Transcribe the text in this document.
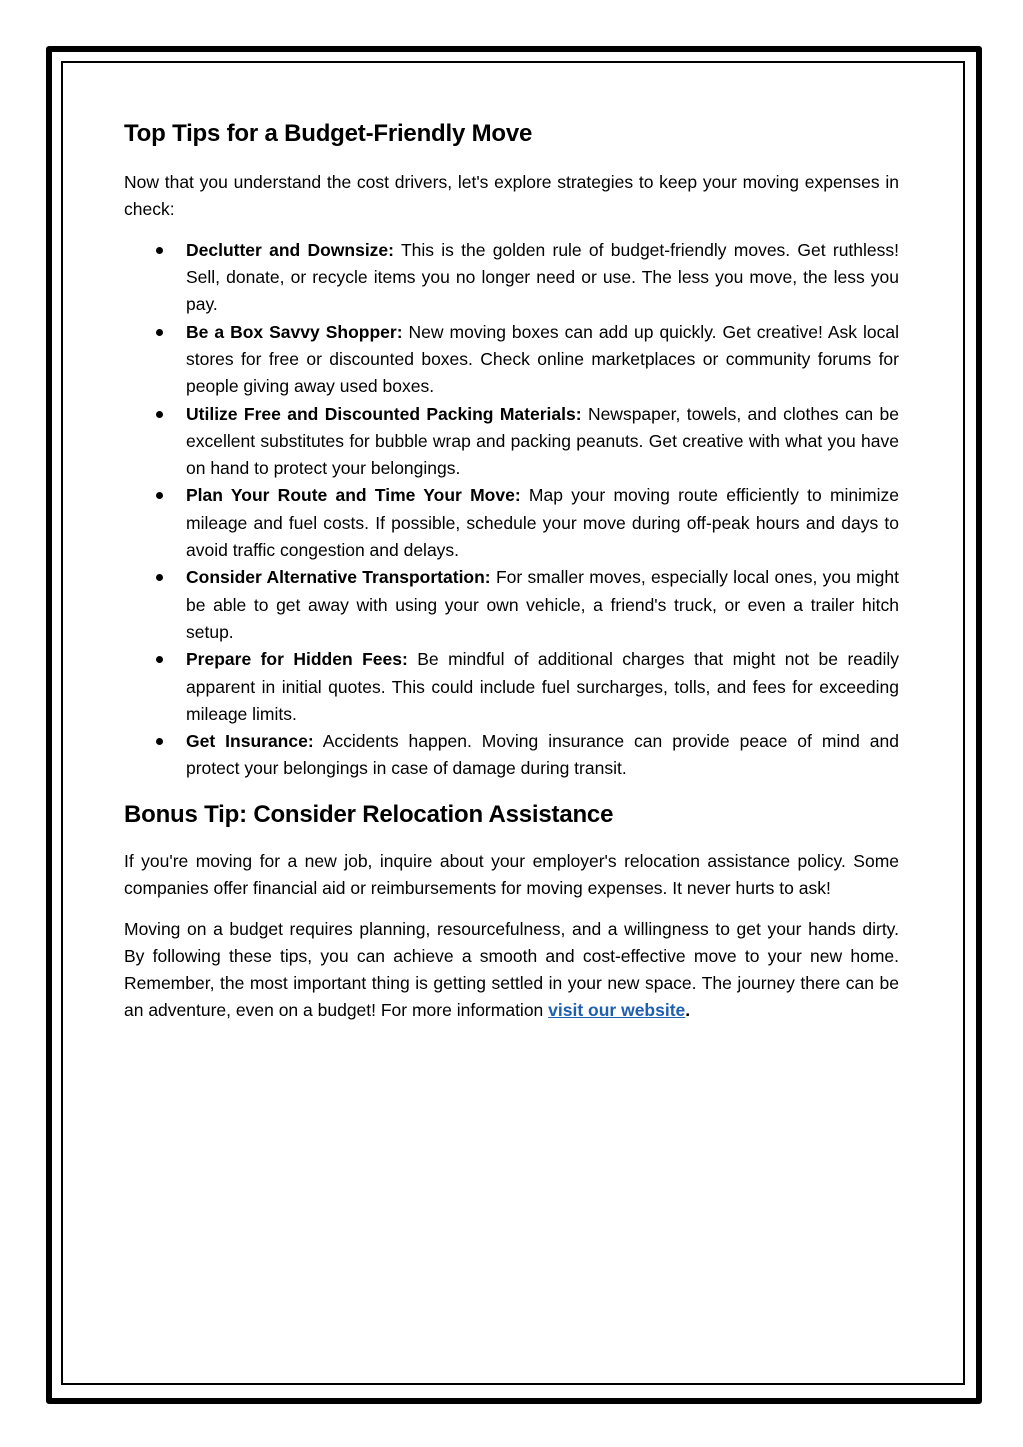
Top Tips for a Budget-Friendly Move

Now that you understand the cost drivers, let's explore strategies to keep your moving expenses in check:

Declutter and Downsize: This is the golden rule of budget-friendly moves. Get ruthless! Sell, donate, or recycle items you no longer need or use. The less you move, the less you pay.
Be a Box Savvy Shopper: New moving boxes can add up quickly. Get creative! Ask local stores for free or discounted boxes. Check online marketplaces or community forums for people giving away used boxes.
Utilize Free and Discounted Packing Materials: Newspaper, towels, and clothes can be excellent substitutes for bubble wrap and packing peanuts. Get creative with what you have on hand to protect your belongings.
Plan Your Route and Time Your Move: Map your moving route efficiently to minimize mileage and fuel costs. If possible, schedule your move during off-peak hours and days to avoid traffic congestion and delays.
Consider Alternative Transportation: For smaller moves, especially local ones, you might be able to get away with using your own vehicle, a friend's truck, or even a trailer hitch setup.
Prepare for Hidden Fees: Be mindful of additional charges that might not be readily apparent in initial quotes. This could include fuel surcharges, tolls, and fees for exceeding mileage limits.
Get Insurance: Accidents happen. Moving insurance can provide peace of mind and protect your belongings in case of damage during transit.
Bonus Tip: Consider Relocation Assistance

If you're moving for a new job, inquire about your employer's relocation assistance policy. Some companies offer financial aid or reimbursements for moving expenses. It never hurts to ask!

Moving on a budget requires planning, resourcefulness, and a willingness to get your hands dirty. By following these tips, you can achieve a smooth and cost-effective move to your new home. Remember, the most important thing is getting settled in your new space. The journey there can be an adventure, even on a budget! For more information visit our website.
